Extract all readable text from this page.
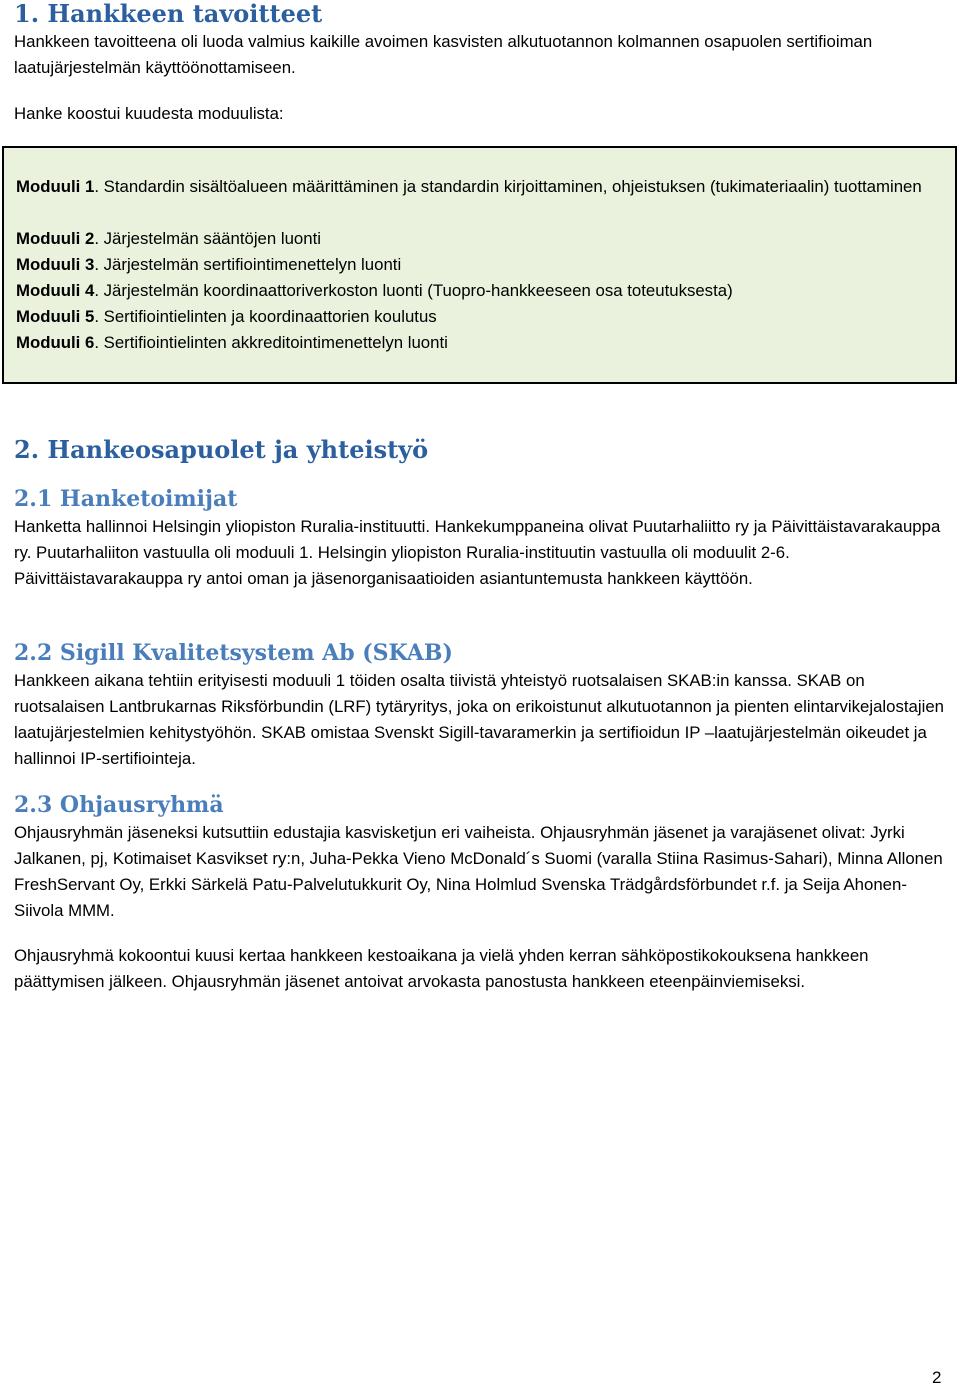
1. Hankkeen tavoitteet

Hankkeen tavoitteena oli luoda valmius kaikille avoimen kasvisten alkutuotannon kolmannen osapuolen sertifioiman laatujärjestelmän käyttöönottamiseen.

Hanke koostui kuudesta moduulista:

Moduuli 1. Standardin sisältöalueen määrittäminen ja standardin kirjoittaminen, ohjeistuksen (tukimateriaalin) tuottaminen

Moduuli 2. Järjestelmän sääntöjen luonti

Moduuli 3. Järjestelmän sertifiointimenettelyn luonti

Moduuli 4. Järjestelmän koordinaattoriverkoston luonti (Tuopro-hankkeeseen osa toteutuksesta)

Moduuli 5. Sertifiointielinten ja koordinaattorien koulutus

Moduuli 6. Sertifiointielinten akkreditointimenettelyn luonti

2. Hankeosapuolet ja yhteistyö
2.1 Hanketoimijat

Hanketta hallinnoi Helsingin yliopiston Ruralia-instituutti. Hankekumppaneina olivat Puutarhaliitto ry ja Päivittäistavarakauppa ry. Puutarhaliiton vastuulla oli moduuli 1. Helsingin yliopiston Ruralia-instituutin vastuulla oli moduulit 2-6. Päivittäistavarakauppa ry antoi oman ja jäsenorganisaatioiden asiantuntemusta hankkeen käyttöön.

2.2 Sigill Kvalitetsystem Ab (SKAB)

Hankkeen aikana tehtiin erityisesti moduuli 1 töiden osalta tiivistä yhteistyö ruotsalaisen SKAB:in kanssa. SKAB on ruotsalaisen Lantbrukarnas Riksförbundin (LRF) tytäryritys, joka on erikoistunut alkutuotannon ja pienten elintarvikejalostajien laatujärjestelmien kehitystyöhön. SKAB omistaa Svenskt Sigill-tavaramerkin ja sertifioidun IP –laatujärjestelmän oikeudet ja hallinnoi IP-sertifiointeja.

2.3 Ohjausryhmä

Ohjausryhmän jäseneksi kutsuttiin edustajia kasvisketjun eri vaiheista. Ohjausryhmän jäsenet ja varajäsenet olivat: Jyrki Jalkanen, pj, Kotimaiset Kasvikset ry:n, Juha-Pekka Vieno McDonald´s Suomi (varalla Stiina Rasimus-Sahari), Minna Allonen FreshServant Oy, Erkki Särkelä Patu-Palvelutukkurit Oy, Nina Holmlud Svenska Trädgårdsförbundet r.f. ja Seija Ahonen-Siivola MMM.

Ohjausryhmä kokoontui kuusi kertaa hankkeen kestoaikana ja vielä yhden kerran sähköpostikokouksena hankkeen päättymisen jälkeen. Ohjausryhmän jäsenet antoivat arvokasta panostusta hankkeen eteenpäinviemiseksi.

2
